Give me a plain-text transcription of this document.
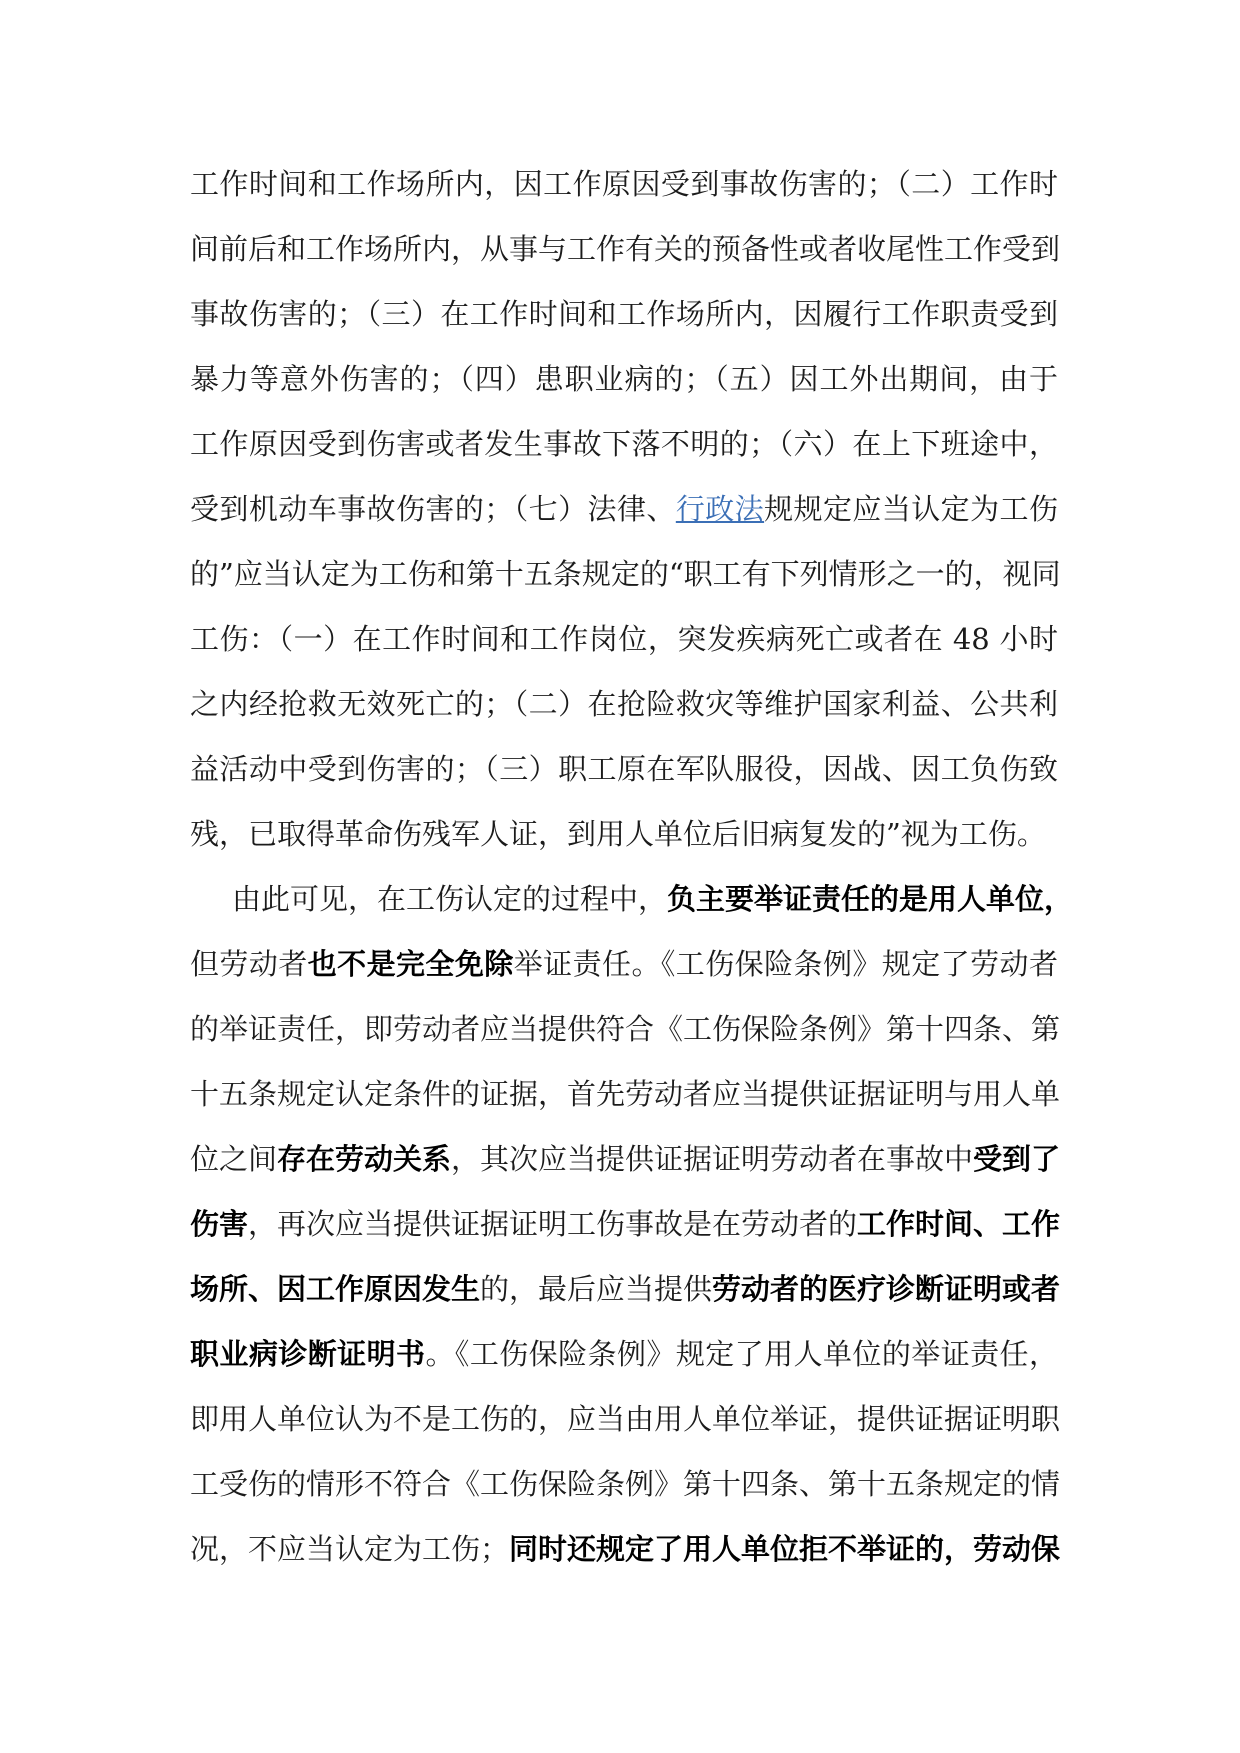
工作时间和工作场所内，因工作原因受到事故伤害的；（二）工作时
间前后和工作场所内，从事与工作有关的预备性或者收尾性工作受到
事故伤害的；（三）在工作时间和工作场所内，因履行工作职责受到
暴力等意外伤害的；（四）患职业病的；（五）因工外出期间，由于
工作原因受到伤害或者发生事故下落不明的；（六）在上下班途中，
受到机动车事故伤害的；（七）法律、行政法规规定应当认定为工伤
的”应当认定为工伤和第十五条规定的“职工有下列情形之一的，视同
工伤：（一）在工作时间和工作岗位，突发疾病死亡或者在 48 小时
之内经抢救无效死亡的；（二）在抢险救灾等维护国家利益、公共利
益活动中受到伤害的；（三）职工原在军队服役，因战、因工负伤致
残，已取得革命伤残军人证，到用人单位后旧病复发的”视为工伤。
由此可见，在工伤认定的过程中，负主要举证责任的是用人单位，
但劳动者也不是完全免除举证责任。《工伤保险条例》规定了劳动者
的举证责任，即劳动者应当提供符合《工伤保险条例》第十四条、第
十五条规定认定条件的证据，首先劳动者应当提供证据证明与用人单
位之间存在劳动关系，其次应当提供证据证明劳动者在事故中受到了
伤害，再次应当提供证据证明工伤事故是在劳动者的工作时间、工作
场所、因工作原因发生的，最后应当提供劳动者的医疗诊断证明或者
职业病诊断证明书。《工伤保险条例》规定了用人单位的举证责任，
即用人单位认为不是工伤的，应当由用人单位举证，提供证据证明职
工受伤的情形不符合《工伤保险条例》第十四条、第十五条规定的情
况，不应当认定为工伤；同时还规定了用人单位拒不举证的，劳动保
